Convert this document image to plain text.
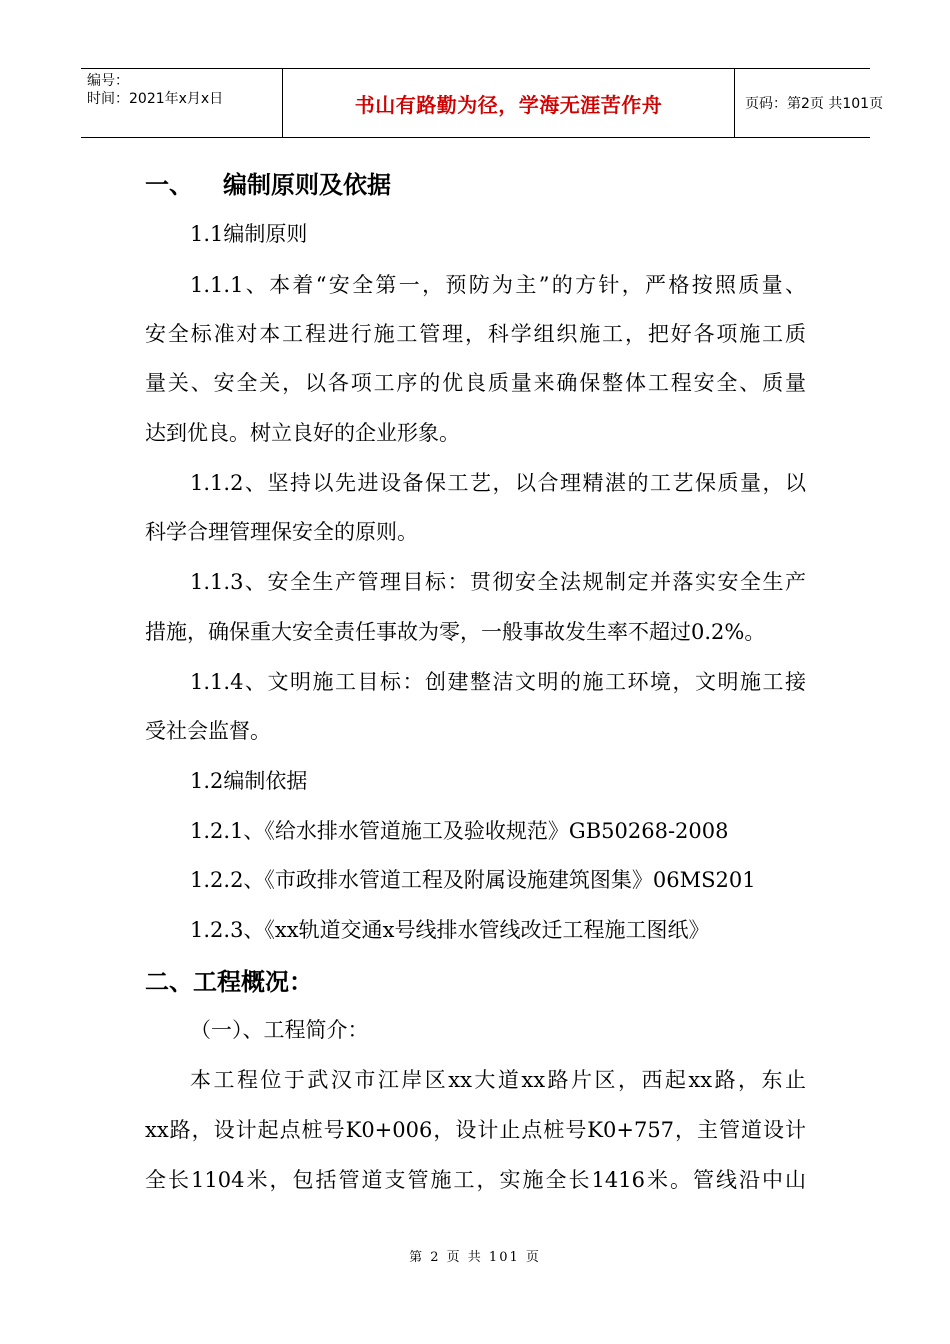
编号：
时间：2021年x月x日	书山有路勤为径，学海无涯苦作舟	页码：第2页 共101页
一、 编制原则及依据
1.1编制原则
1.1.1、本着“安全第一，预防为主”的方针，严格按照质量、
安全标准对本工程进行施工管理，科学组织施工，把好各项施工质
量关、安全关，以各项工序的优良质量来确保整体工程安全、质量
达到优良。树立良好的企业形象。
1.1.2、坚持以先进设备保工艺，以合理精湛的工艺保质量，以
科学合理管理保安全的原则。
1.1.3、安全生产管理目标：贯彻安全法规制定并落实安全生产
措施，确保重大安全责任事故为零，一般事故发生率不超过0.2%。
1.1.4、文明施工目标：创建整洁文明的施工环境，文明施工接
受社会监督。
1.2编制依据
1.2.1、《给水排水管道施工及验收规范》GB50268-2008
1.2.2、《市政排水管道工程及附属设施建筑图集》06MS201
1.2.3、《xx轨道交通x号线排水管线改迁工程施工图纸》
二、工程概况：
（一）、工程简介：
本工程位于武汉市江岸区xx大道xx路片区，西起xx路，东止
xx路，设计起点桩号K0+006，设计止点桩号K0+757，主管道设计
全长1104米，包括管道支管施工，实施全长1416米。管线沿中山
第 2 页 共 101 页
